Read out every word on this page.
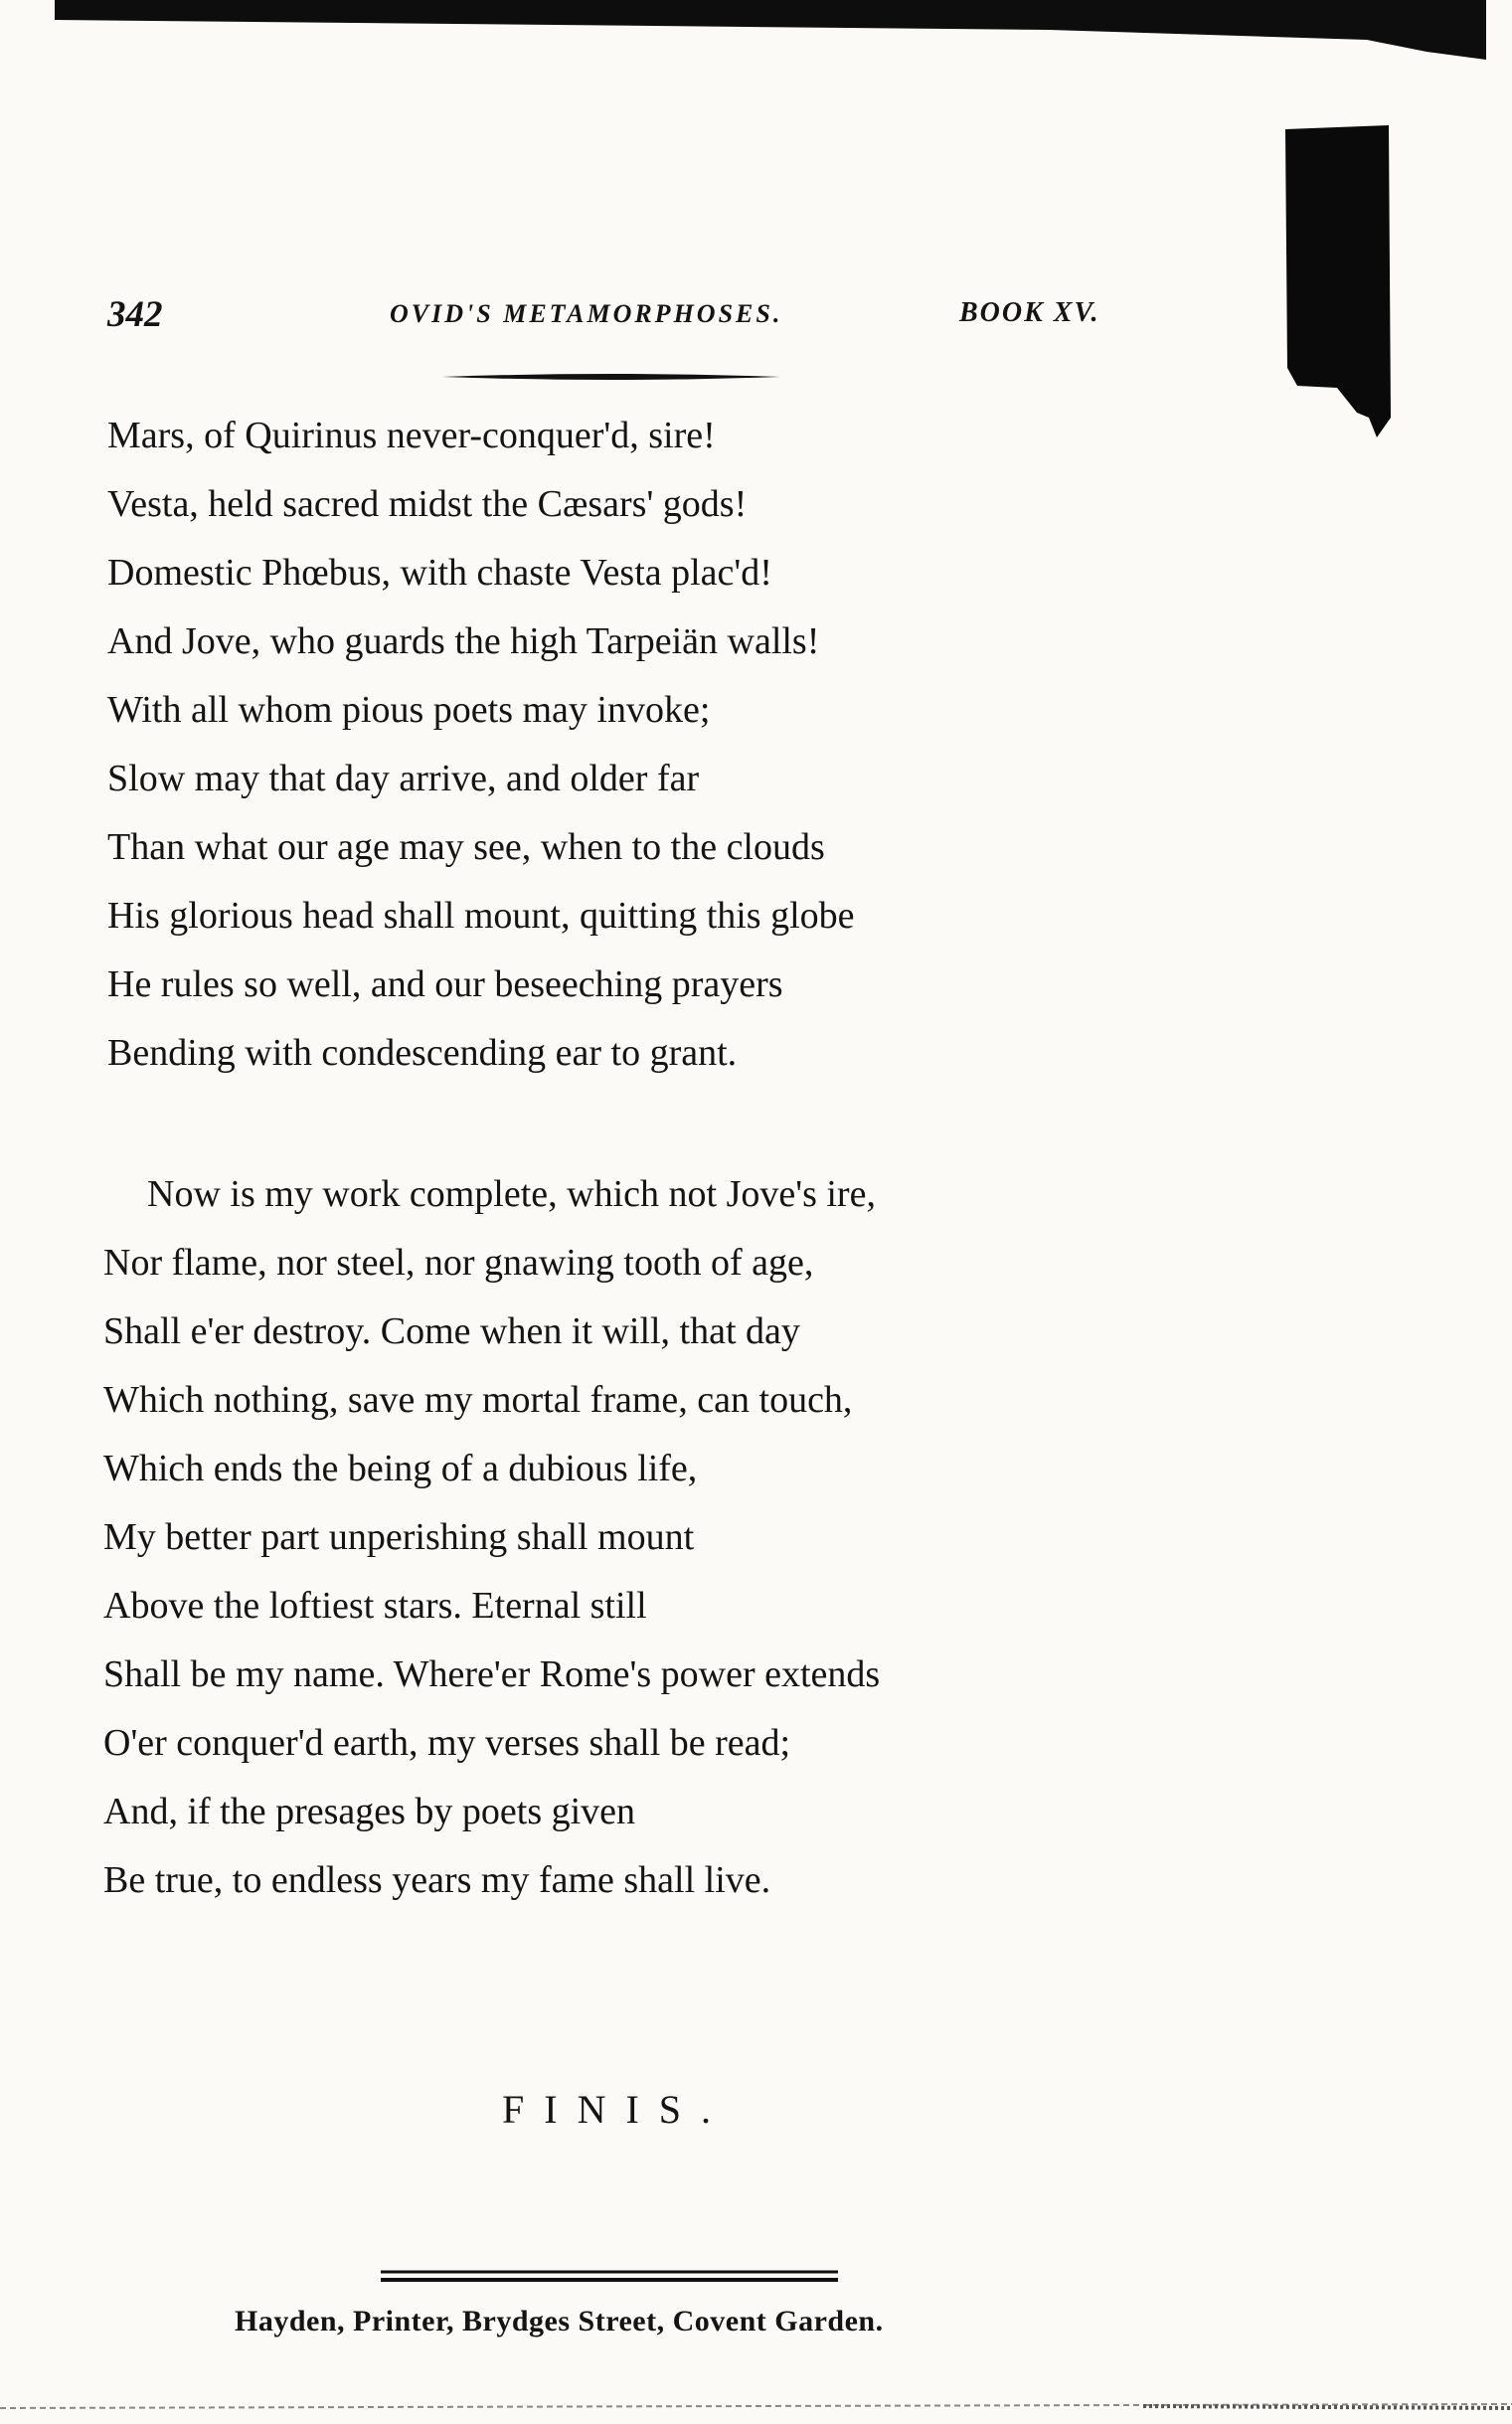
342	OVID'S METAMORPHOSES.	BOOK XV.
Mars, of Quirinus never-conquer'd, sire!
Vesta, held sacred midst the Cæsars' gods!
Domestic Phœbus, with chaste Vesta plac'd!
And Jove, who guards the high Tarpeiän walls!
With all whom pious poets may invoke;
Slow may that day arrive, and older far
Than what our age may see, when to the clouds
His glorious head shall mount, quitting this globe
He rules so well, and our beseeching prayers
Bending with condescending ear to grant.
Now is my work complete, which not Jove's ire,
Nor flame, nor steel, nor gnawing tooth of age,
Shall e'er destroy. Come when it will, that day
Which nothing, save my mortal frame, can touch,
Which ends the being of a dubious life,
My better part unperishing shall mount
Above the loftiest stars. Eternal still
Shall be my name. Where'er Rome's power extends
O'er conquer'd earth, my verses shall be read;
And, if the presages by poets given
Be true, to endless years my fame shall live.
FINIS.
Hayden, Printer, Brydges Street, Covent Garden.
